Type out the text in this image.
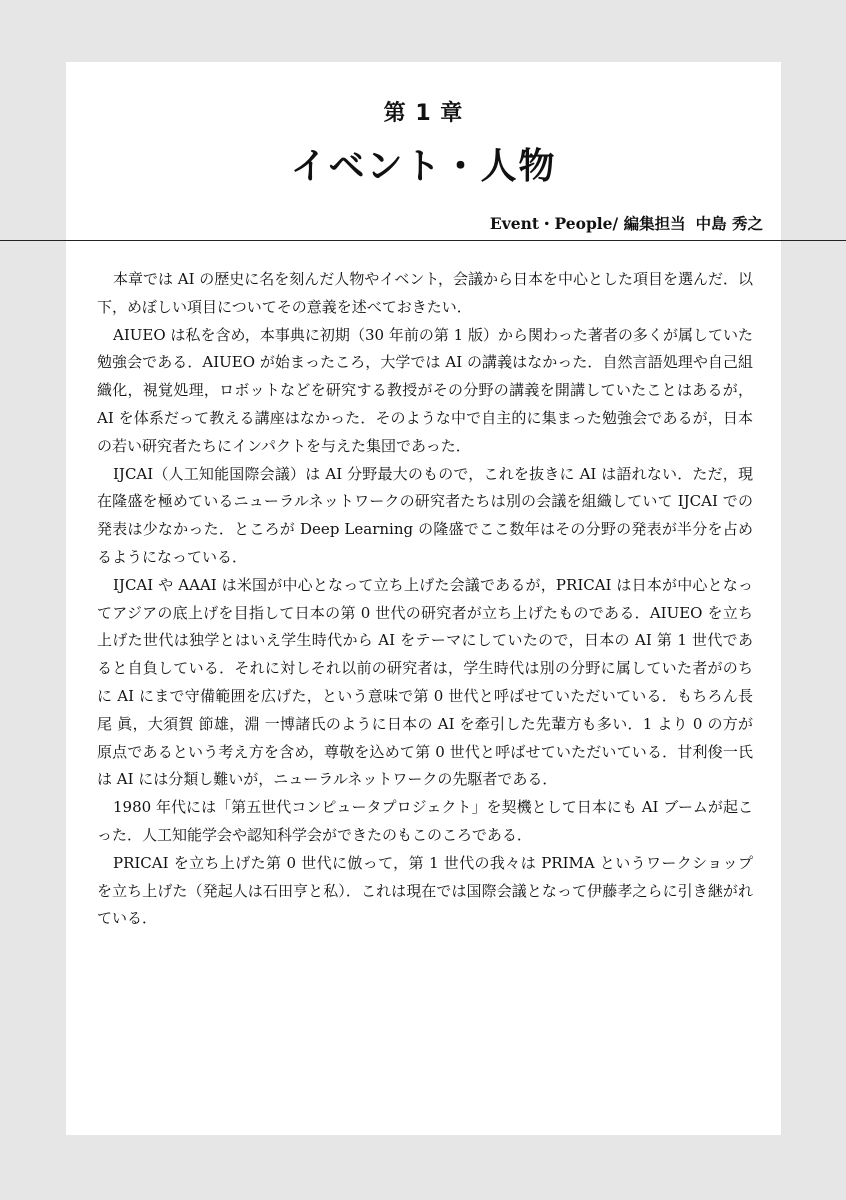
第 1 章
イベント・人物
Event・People/ 編集担当 中島 秀之

本章では AI の歴史に名を刻んだ人物やイベント，会議から日本を中心とした項目を選んだ．以下，めぼしい項目についてその意義を述べておきたい．

AIUEO は私を含め，本事典に初期（30 年前の第 1 版）から関わった著者の多くが属していた勉強会である．AIUEO が始まったころ，大学では AI の講義はなかった．自然言語処理や自己組織化，視覚処理，ロボットなどを研究する教授がその分野の講義を開講していたことはあるが，AI を体系だって教える講座はなかった．そのような中で自主的に集まった勉強会であるが，日本の若い研究者たちにインパクトを与えた集団であった．

IJCAI（人工知能国際会議）は AI 分野最大のもので，これを抜きに AI は語れない．ただ，現在隆盛を極めているニューラルネットワークの研究者たちは別の会議を組織していて IJCAI での発表は少なかった．ところが Deep Learning の隆盛でここ数年はその分野の発表が半分を占めるようになっている．

IJCAI や AAAI は米国が中心となって立ち上げた会議であるが，PRICAI は日本が中心となってアジアの底上げを目指して日本の第 0 世代の研究者が立ち上げたものである．AIUEO を立ち上げた世代は独学とはいえ学生時代から AI をテーマにしていたので，日本の AI 第 1 世代であると自負している．それに対しそれ以前の研究者は，学生時代は別の分野に属していた者がのちに AI にまで守備範囲を広げた，という意味で第 0 世代と呼ばせていただいている．もちろん長尾 眞，大須賀 節雄，淵 一博諸氏のように日本の AI を牽引した先輩方も多い．1 より 0 の方が原点であるという考え方を含め，尊敬を込めて第 0 世代と呼ばせていただいている．甘利俊一氏は AI には分類し難いが，ニューラルネットワークの先駆者である．

1980 年代には「第五世代コンピュータプロジェクト」を契機として日本にも AI ブームが起こった．人工知能学会や認知科学会ができたのもこのころである．

PRICAI を立ち上げた第 0 世代に倣って，第 1 世代の我々は PRIMA というワークショップを立ち上げた（発起人は石田亨と私）．これは現在では国際会議となって伊藤孝之らに引き継がれている．
